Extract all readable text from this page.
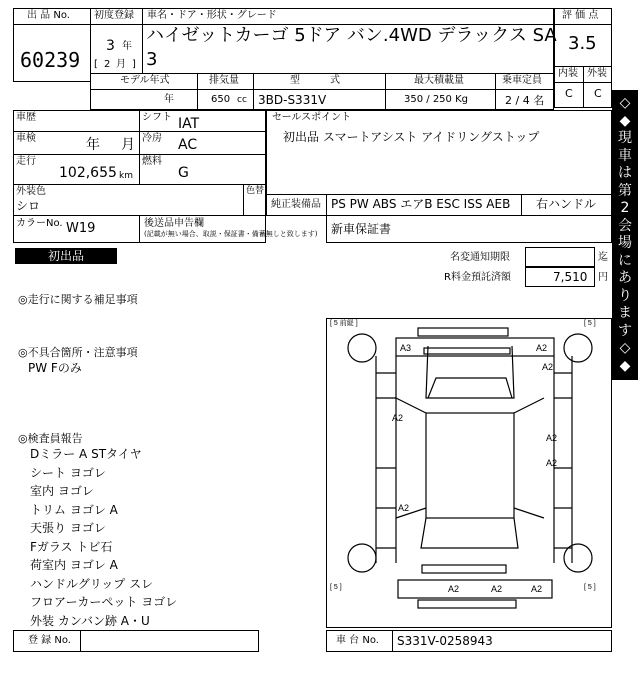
出 品 No.
60239
初度登録
3 年
[ 2 月 ]
車名・ドア・形状・グレード
ハイゼットカーゴ 5ドア バン.4WD デラックス SA
3
評 価 点
3.5
内装 外装
C C
モデル年式
年
排気量
650 cc
型　　　式
3BD-S331V
最大積載量
350 / 250 Kg
乗車定員
2 / 4 名
車歴	シフト IAT
車検	年 月 冷房 AC
走行
102,655 km
燃料
G
外装色
シロ
色替
カラーNo. W19	後送品申告欄
(記載が無い場合、取説・保証書・備蓄無しと致します)
セールスポイント
初出品 スマートアシスト アイドリングストップ
純正装備品 PS PW ABS エアB ESC ISS AEB 右ハンドル
新車保証書
初出品	名変通知期限	迄
R料金預託済額	7,510 円
◇
◆
現
車
は
第
2
会
場
に
あ
り
ま
す
◇
◆
◎走行に関する補足事項
◎不具合箇所・注意事項
PW Fのみ
◎検査員報告
Dミラー A STタイヤ
シート ヨゴレ
室内 ヨゴレ
トリム ヨゴレ A
天張り ヨゴレ
Fガラス トビ石
荷室内 ヨゴレ A
ハンドルグリップ スレ
フロアーカーペット ヨゴレ
外装 カンバン跡 A・U
[ 5 前縦 ]	[ 5 ]
[ 5 ]	[ 5 ]
A3	A2
A2
A2
A2
A2
A2
A2	A2	A2
登 録 No.	車 台 No. S331V-0258943
